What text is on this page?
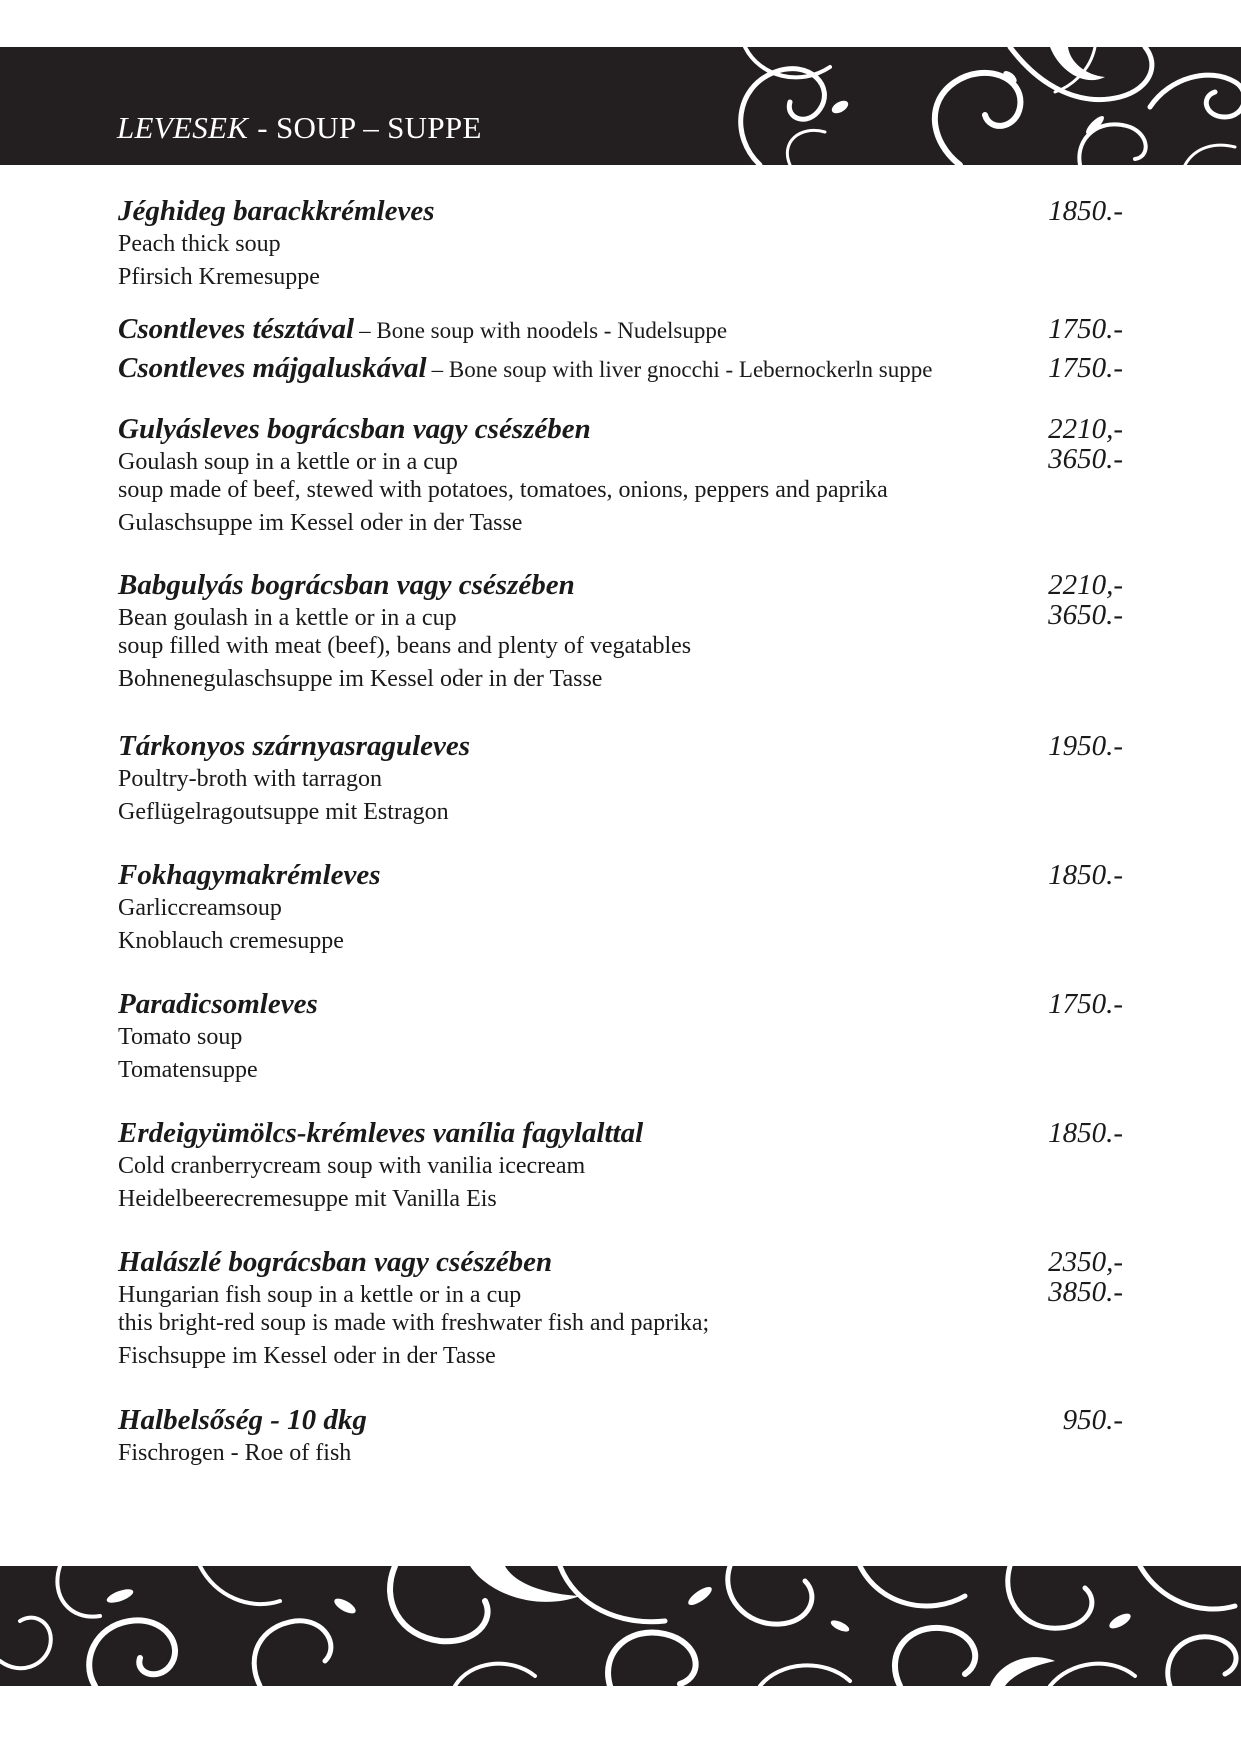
LEVESEK - SOUP – SUPPE
Jéghideg barackkrémleves	1850.-
Peach thick soup
Pfirsich Kremesuppe
Csontleves tésztával – Bone soup with noodels - Nudelsuppe	1750.-
Csontleves májgaluskával – Bone soup with liver gnocchi - Lebernockerln suppe	1750.-
Gulyásleves bográcsban vagy csészében	2210,-
Goulash soup in a kettle or in a cup	3650.-
soup made of beef, stewed with potatoes, tomatoes, onions, peppers and paprika
Gulaschsuppe im Kessel oder in der Tasse
Babgulyás bográcsban vagy csészében	2210,-
Bean goulash in a kettle or in a cup	3650.-
soup filled with meat (beef), beans and plenty of vegatables
Bohnenegulaschsuppe im Kessel oder in der Tasse
Tárkonyos szárnyasraguleves	1950.-
Poultry-broth with tarragon
Geflügelragoutsuppe mit Estragon
Fokhagymakrémleves	1850.-
Garliccreamsoup
Knoblauch cremesuppe
Paradicsomleves	1750.-
Tomato soup
Tomatensuppe
Erdeigyümölcs-krémleves vanília fagylalttal	1850.-
Cold cranberrycream soup with vanilia icecream
Heidelbeerecremesuppe mit Vanilla Eis
Halászlé bográcsban vagy csészében	2350,-
Hungarian fish soup in a kettle or in a cup	3850.-
this bright-red soup is made with freshwater fish and paprika;
Fischsuppe im Kessel oder in der Tasse
Halbelsőség - 10 dkg	950.-
Fischrogen - Roe of fish
